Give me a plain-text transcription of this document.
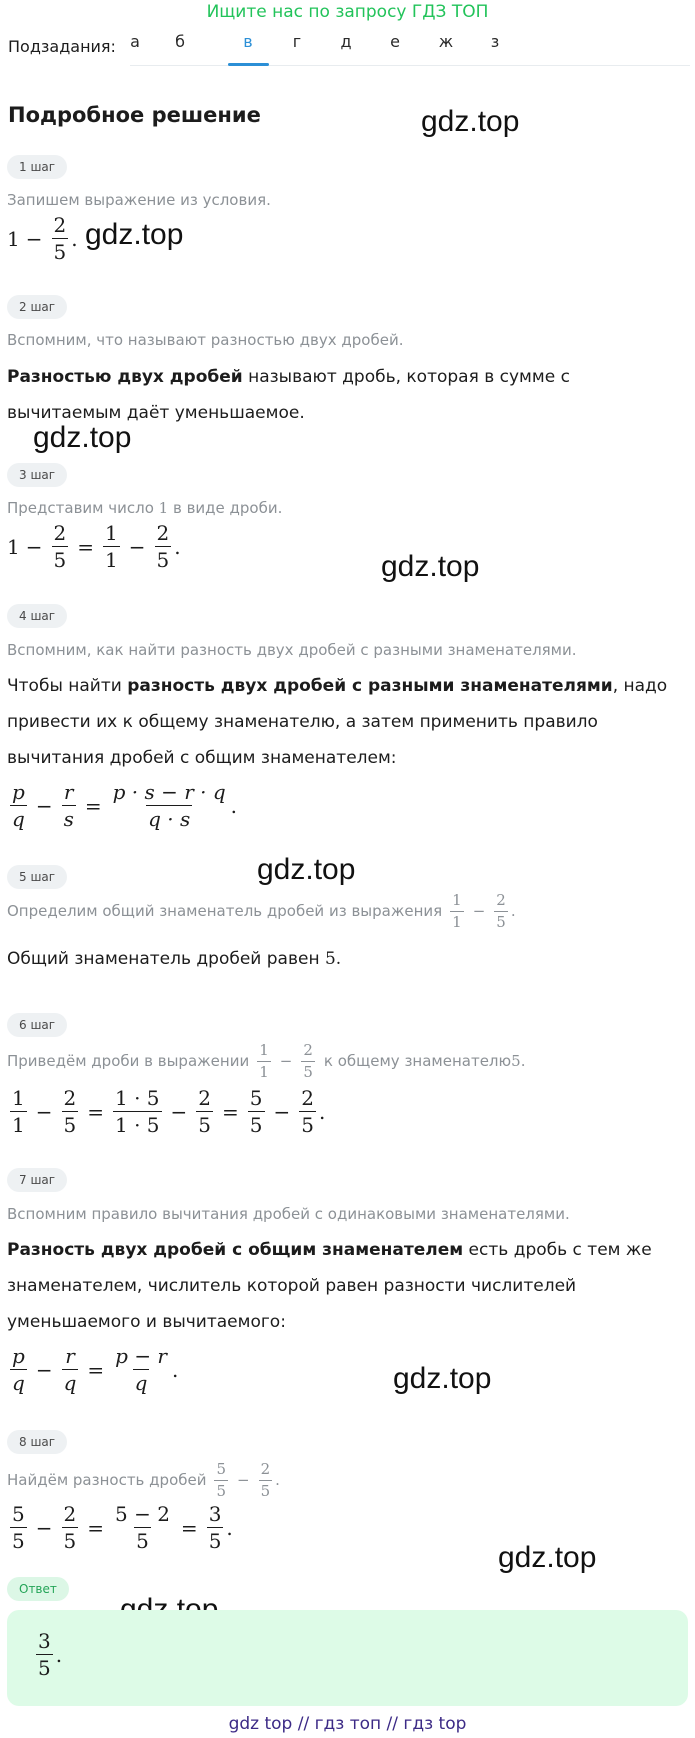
Ищите нас по запросу ГДЗ ТОП
Подзадания: а	б	в	г	д	е	ж	з
Подробное решение	gdz.top
gdz.top
gdz.top
gdz.top
gdz.top
gdz.top
gdz.top
1 шаг
Запишем выражение из условия.
$1 - \frac{2}{5}$ .
2 шаг
Вспомним, что называют разностью двух дробей.
Разностью двух дробей называют дробь, которая в сумме с вычитаемым даёт уменьшаемое.
3 шаг
Представим число 1 в виде дроби.
$1 - \frac{2}{5} = \frac{1}{1} - \frac{2}{5}$ .
4 шаг
Вспомним, как найти разность двух дробей с разными знаменателями.
Чтобы найти разность двух дробей с разными знаменателями, надо привести их к общему знаменателю, а затем применить правило вычитания дробей с общим знаменателем:
$\frac{p}{q} - \frac{r}{s} = \frac{p \cdot s - r \cdot q}{q \cdot s}$ .
5 шаг
Определим общий знаменатель дробей из выражения $\frac{1}{1} - \frac{2}{5}$ .
Общий знаменатель дробей равен 5.
6 шаг
Приведём дроби в выражении $\frac{1}{1} - \frac{2}{5}$ к общему знаменателю 5.
$\frac{1}{1} - \frac{2}{5} = \frac{1 \cdot 5}{1 \cdot 5} - \frac{2}{5} = \frac{5}{5} - \frac{2}{5}$ .
7 шаг
Вспомним правило вычитания дробей с одинаковыми знаменателями.
Разность двух дробей с общим знаменателем есть дробь с тем же знаменателем, числитель которой равен разности числителей уменьшаемого и вычитаемого:
$\frac{p}{q} - \frac{r}{q} = \frac{p - r}{q}$ .
8 шаг
Найдём разность дробей $\frac{5}{5} - \frac{2}{5}$ .
$\frac{5}{5} - \frac{2}{5} = \frac{5 - 2}{5} = \frac{3}{5}$ .
Ответ
$\frac{3}{5}$ .
gdz top // гдз топ // гдз top
